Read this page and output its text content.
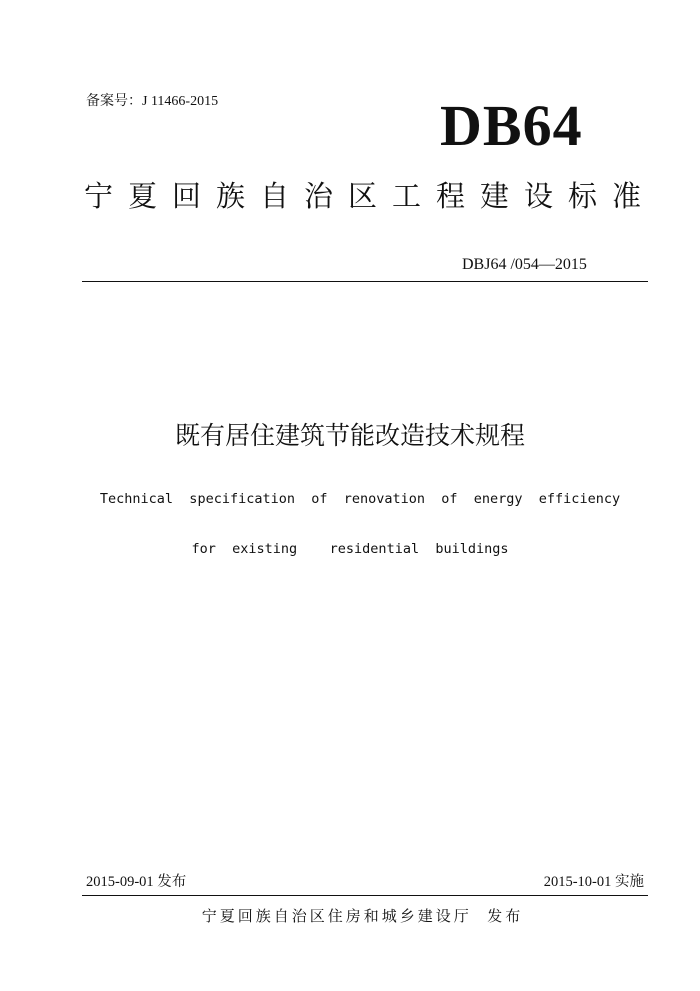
备案号：J 11466-2015	DB64
宁夏回族自治区工程建设标准
DBJ64 /054—2015
既有居住建筑节能改造技术规程
Technical  specification  of  renovation  of  energy  efficiency
for  existing    residential  buildings
2015-09-01 发布	2015-10-01 实施
宁夏回族自治区住房和城乡建设厅  发布
